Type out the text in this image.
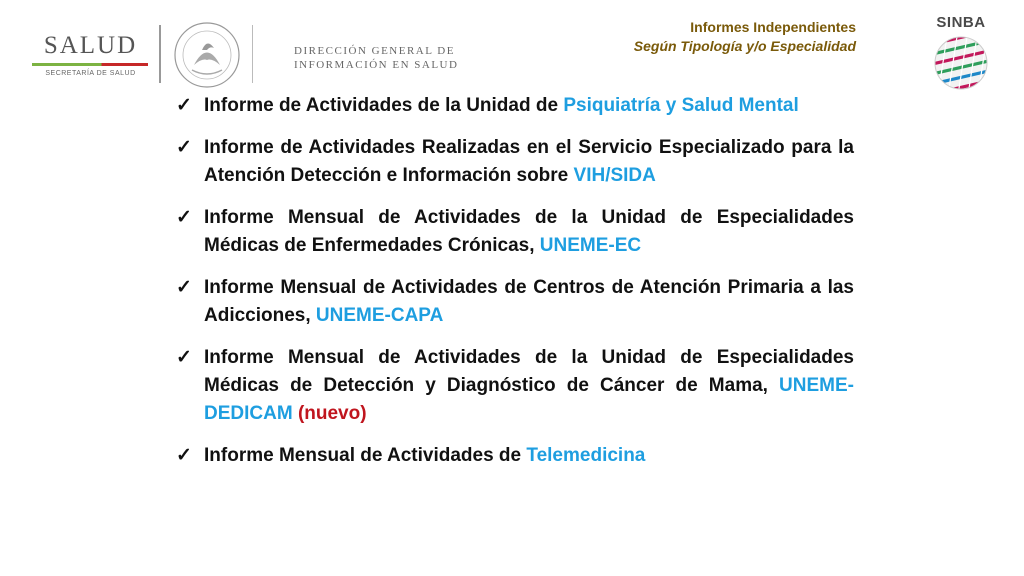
SALUD
SECRETARÍA DE SALUD
DIRECCIÓN GENERAL DE
INFORMACIÓN EN SALUD
Informes Independientes
Según Tipología y/o Especialidad
SINBA
✓ Informe de Actividades de la Unidad de Psiquiatría y Salud Mental
✓ Informe de Actividades Realizadas en el Servicio Especializado para la Atención Detección e Información sobre VIH/SIDA
✓ Informe Mensual de Actividades de la Unidad de Especialidades Médicas de Enfermedades Crónicas, UNEME-EC
✓ Informe Mensual de Actividades de Centros de Atención Primaria a las Adicciones, UNEME-CAPA
✓ Informe Mensual de Actividades de la Unidad de Especialidades Médicas de Detección y Diagnóstico de Cáncer de Mama, UNEME-DEDICAM (nuevo)
✓ Informe Mensual de Actividades de Telemedicina
